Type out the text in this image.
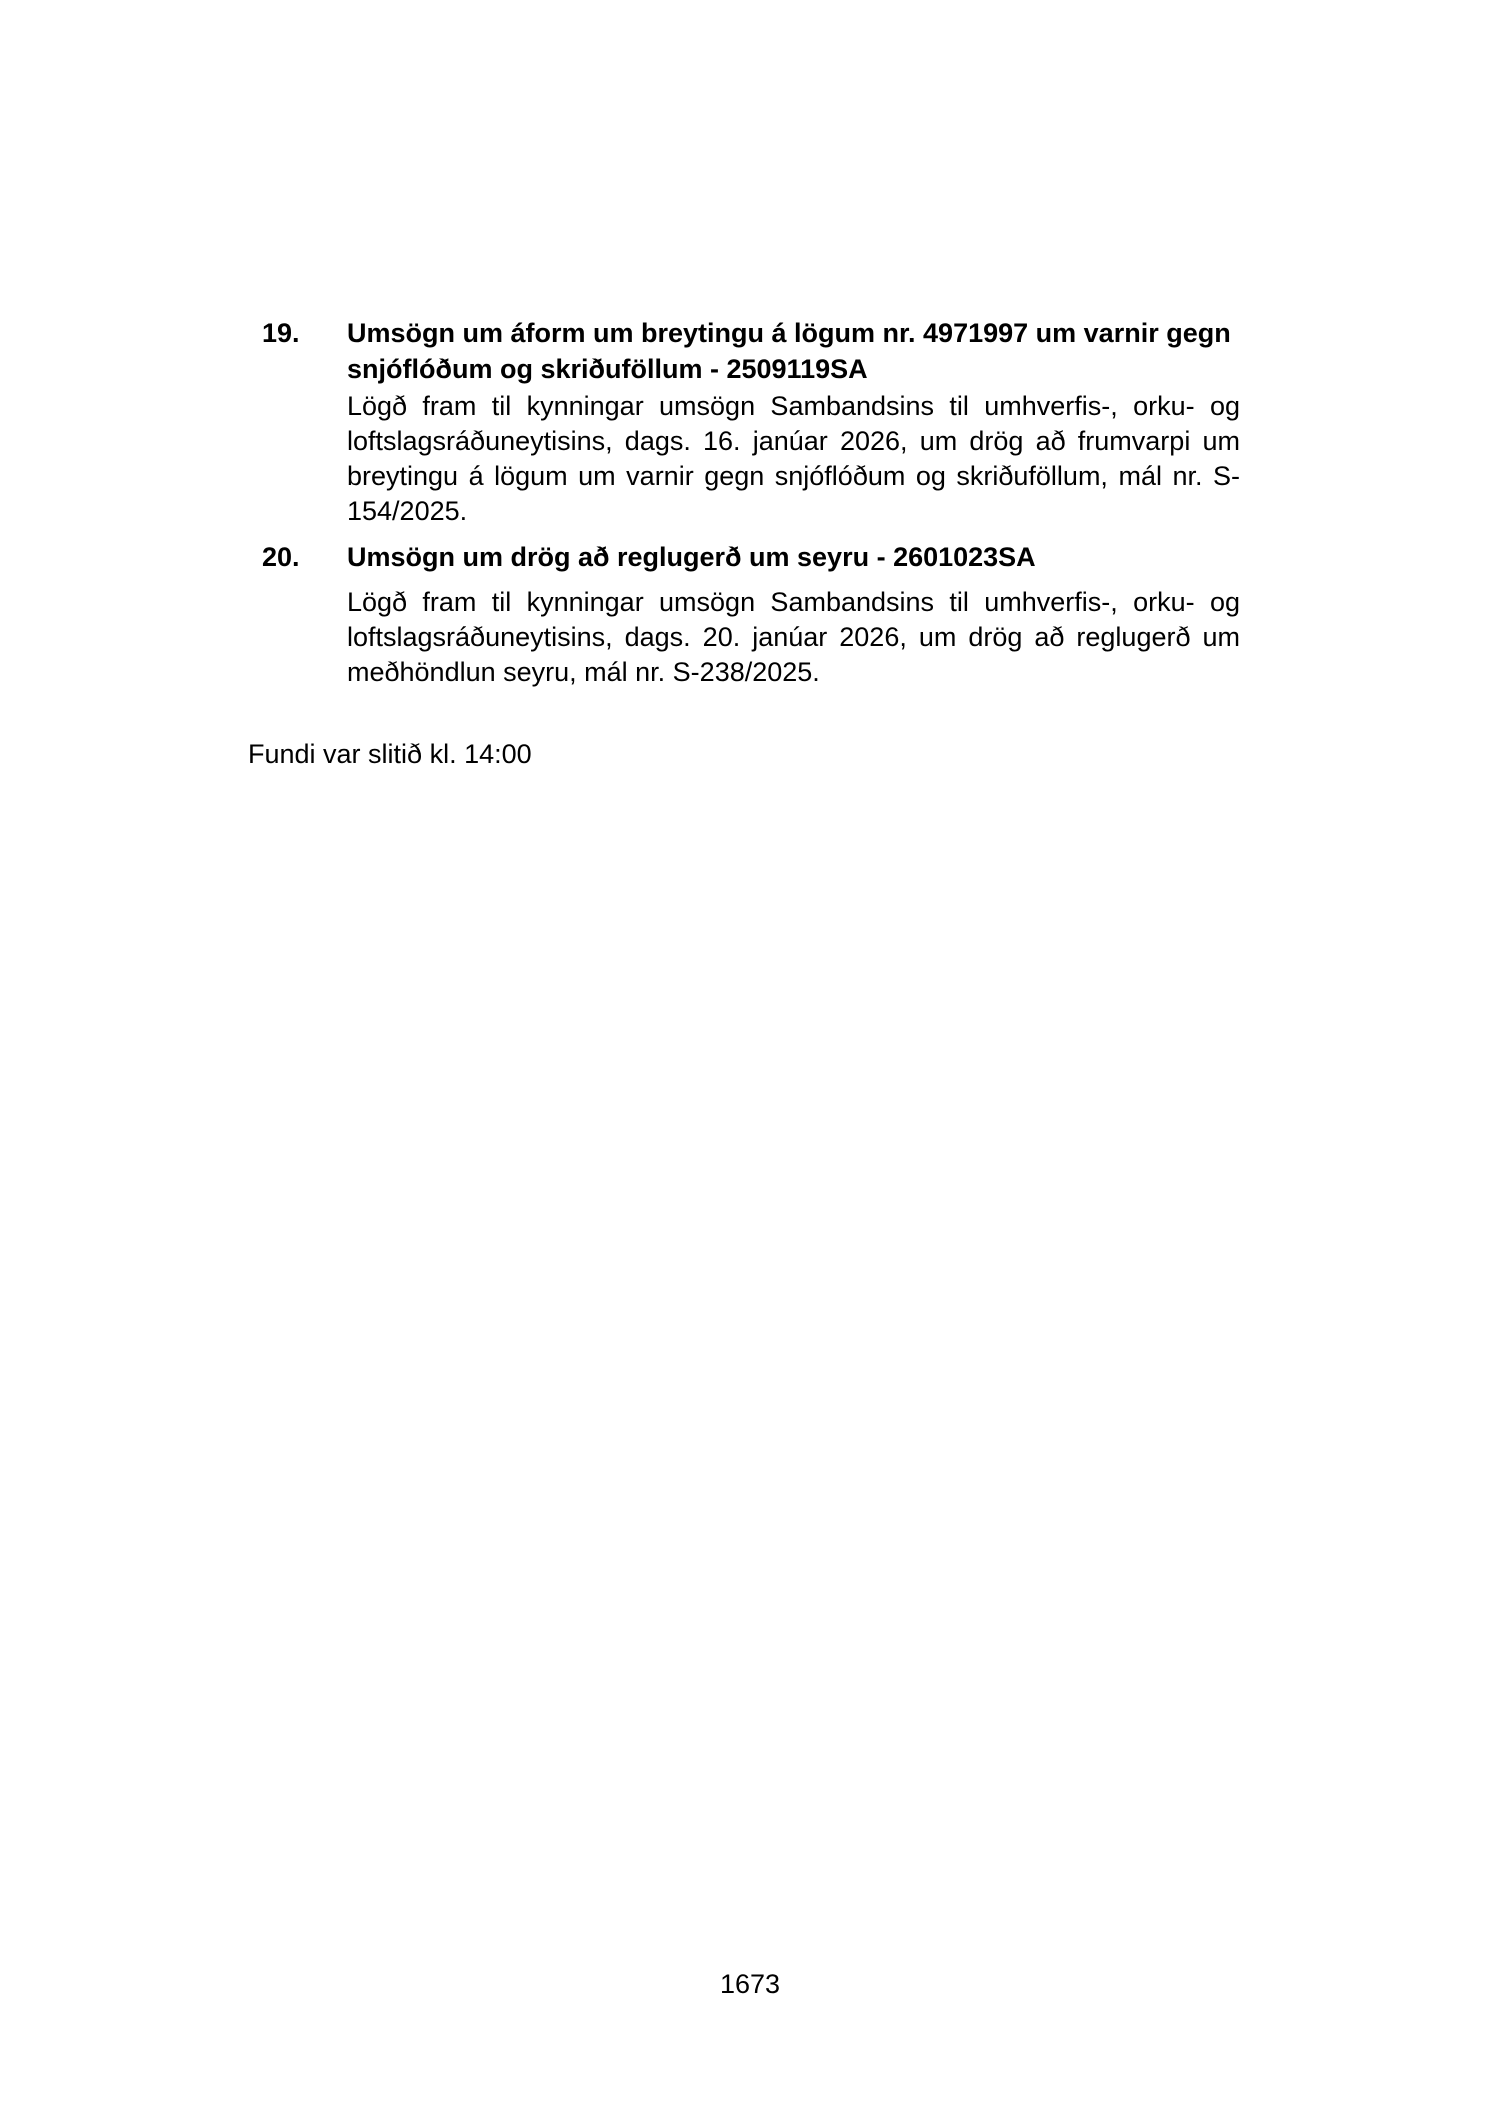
19.	Umsögn um áform um breytingu á lögum nr. 4971997 um varnir gegn
snjóflóðum og skriðuföllum - 2509119SA
Lögð fram til kynningar umsögn Sambandsins til umhverfis-, orku- og
loftslagsráðuneytisins, dags. 16. janúar 2026, um drög að frumvarpi um
breytingu á lögum um varnir gegn snjóflóðum og skriðuföllum, mál nr. S-
154/2025.
20.	Umsögn um drög að reglugerð um seyru - 2601023SA
Lögð fram til kynningar umsögn Sambandsins til umhverfis-, orku- og
loftslagsráðuneytisins, dags. 20. janúar 2026, um drög að reglugerð um
meðhöndlun seyru, mál nr. S-238/2025.
Fundi var slitið kl. 14:00
1673
